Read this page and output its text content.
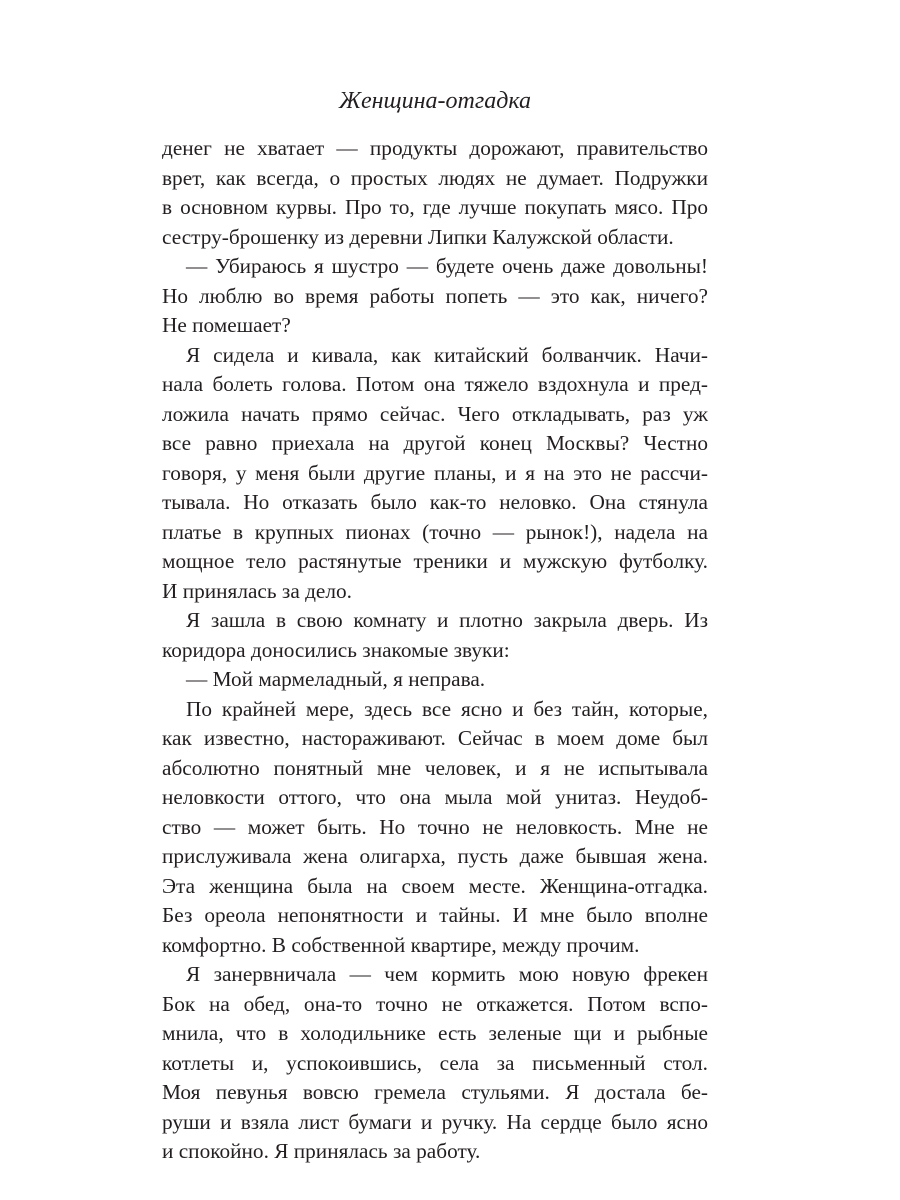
Женщина-отгадка

денег не хватает — продукты дорожают, правительство
врет, как всегда, о простых людях не думает. Подружки
в основном курвы. Про то, где лучше покупать мясо. Про
сестру-брошенку из деревни Липки Калужской области.

— Убираюсь я шустро — будете очень даже довольны!
Но люблю во время работы попеть — это как, ничего?
Не помешает?

Я сидела и кивала, как китайский болванчик. Начи-
нала болеть голова. Потом она тяжело вздохнула и пред-
ложила начать прямо сейчас. Чего откладывать, раз уж
все равно приехала на другой конец Москвы? Честно
говоря, у меня были другие планы, и я на это не рассчи-
тывала. Но отказать было как-то неловко. Она стянула
платье в крупных пионах (точно — рынок!), надела на
мощное тело растянутые треники и мужскую футболку.
И принялась за дело.

Я зашла в свою комнату и плотно закрыла дверь. Из
коридора доносились знакомые звуки:

— Мой мармеладный, я неправа.

По крайней мере, здесь все ясно и без тайн, которые,
как известно, настораживают. Сейчас в моем доме был
абсолютно понятный мне человек, и я не испытывала
неловкости оттого, что она мыла мой унитаз. Неудоб-
ство — может быть. Но точно не неловкость. Мне не
прислуживала жена олигарха, пусть даже бывшая жена.
Эта женщина была на своем месте. Женщина-отгадка.
Без ореола непонятности и тайны. И мне было вполне
комфортно. В собственной квартире, между прочим.

Я занервничала — чем кормить мою новую фрекен
Бок на обед, она-то точно не откажется. Потом вспо-
мнила, что в холодильнике есть зеленые щи и рыбные
котлеты и, успокоившись, села за письменный стол.
Моя певунья вовсю гремела стульями. Я достала бе-
руши и взяла лист бумаги и ручку. На сердце было ясно
и спокойно. Я принялась за работу.
